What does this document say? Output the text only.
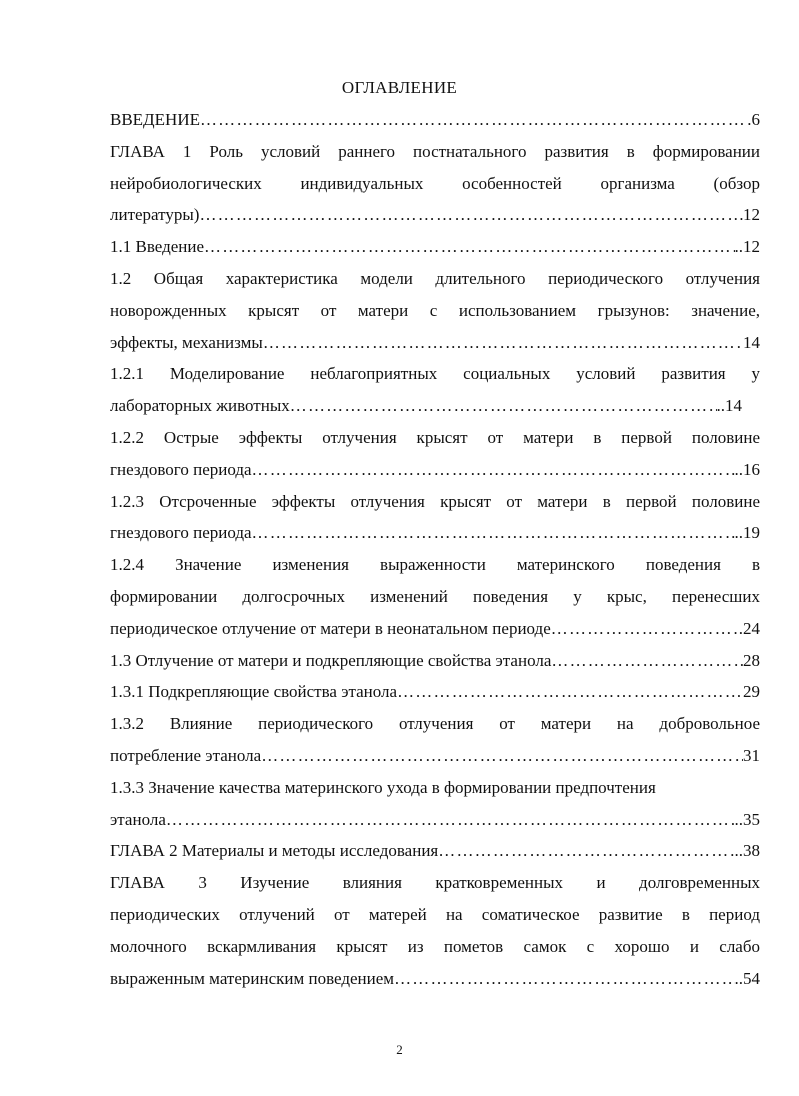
ОГЛАВЛЕНИЕ
ВВЕДЕНИЕ ……………………………………………………………………………………………………………………………………………………………………………………………………	.6
ГЛАВА 1 Роль условий раннего постнатального развития в формировании
нейробиологических индивидуальных особенностей организма (обзор
литературы) ……………………………………………………………………………………………………………………………………………………………………………………………………	12
1.1 Введение ……………………………………………………………………………………………………………………………………………………………………………………………………	..12
1.2 Общая характеристика модели длительного периодического отлучения
новорожденных крысят от матери с использованием грызунов: значение,
эффекты, механизмы ……………………………………………………………………………………………………………………………………………………………………………………………………	14
1.2.1 Моделирование неблагоприятных социальных условий развития у
лабораторных животных ……………………………………………………………………………………………………………………………………………………………………………………………………	..14
1.2.2 Острые эффекты отлучения крысят от матери в первой половине
гнездового периода ……………………………………………………………………………………………………………………………………………………………………………………………………	..16
1.2.3 Отсроченные эффекты отлучения крысят от матери в первой половине
гнездового периода ……………………………………………………………………………………………………………………………………………………………………………………………………	..19
1.2.4 Значение изменения выраженности материнского поведения в
формировании долгосрочных изменений поведения у крыс, перенесших
периодическое отлучение от матери в неонатальном периоде ……………………………………………………………………………………………………………………………………………………………………………………………………	.24
1.3 Отлучение от матери и подкрепляющие свойства этанола ……………………………………………………………………………………………………………………………………………………………………………………………………	28
1.3.1 Подкрепляющие свойства этанола ……………………………………………………………………………………………………………………………………………………………………………………………………	29
1.3.2 Влияние периодического отлучения от матери на добровольное
потребление этанола ……………………………………………………………………………………………………………………………………………………………………………………………………	31
1.3.3 Значение качества материнского ухода в формировании предпочтения
этанола ……………………………………………………………………………………………………………………………………………………………………………………………………	..35
ГЛАВА 2 Материалы и методы исследования ……………………………………………………………………………………………………………………………………………………………………………………………………	..38
ГЛАВА 3 Изучение влияния кратковременных и долговременных
периодических отлучений от матерей на соматическое развитие в период
молочного вскармливания крысят из пометов самок с хорошо и слабо
выраженным материнским поведением ……………………………………………………………………………………………………………………………………………………………………………………………………	..54
2
